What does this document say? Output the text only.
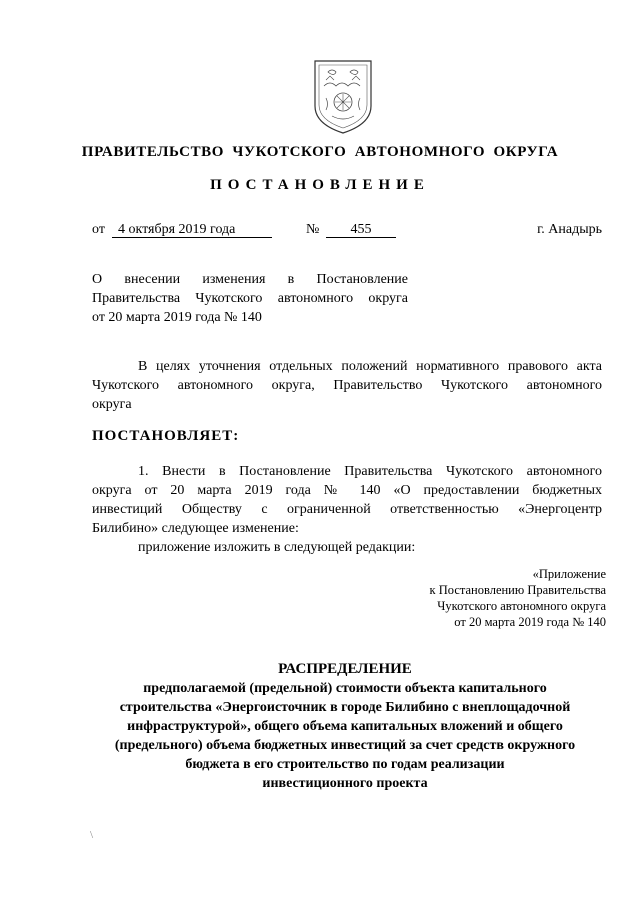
ПРАВИТЕЛЬСТВО ЧУКОТСКОГО АВТОНОМНОГО ОКРУГА
ПОСТАНОВЛЕНИЕ
от 4 октября 2019 года	№	455	г. Анадырь
О внесении изменения в Постановление
Правительства Чукотского автономного округа
от 20 марта 2019 года № 140
В целях уточнения отдельных положений нормативного правового акта
Чукотского автономного округа, Правительство Чукотского автономного
округа
ПОСТАНОВЛЯЕТ:
1. Внести в Постановление Правительства Чукотского автономного
округа от 20 марта 2019 года № 140 «О предоставлении бюджетных
инвестиций Обществу с ограниченной ответственностью «Энергоцентр
Билибино» следующее изменение:
приложение изложить в следующей редакции:
«Приложение
к Постановлению Правительства
Чукотского автономного округа
от 20 марта 2019 года № 140
РАСПРЕДЕЛЕНИЕ
предполагаемой (предельной) стоимости объекта капитального
строительства «Энергоисточник в городе Билибино с внеплощадочной
инфраструктурой», общего объема капитальных вложений и общего
(предельного) объема бюджетных инвестиций за счет средств окружного
бюджета в его строительство по годам реализации
инвестиционного проекта
\
